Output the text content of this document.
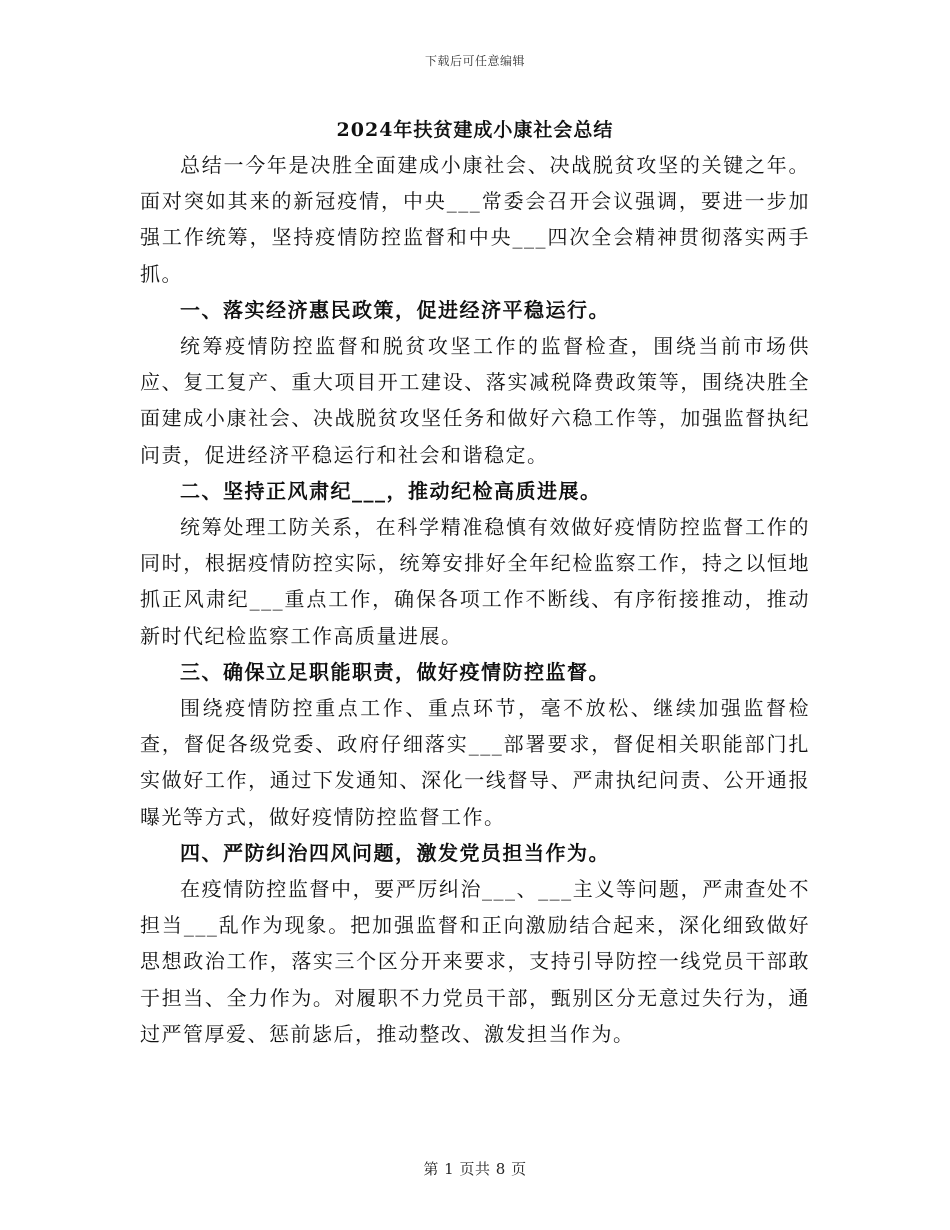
下载后可任意编辑
2024年扶贫建成小康社会总结

总结一今年是决胜全面建成小康社会、决战脱贫攻坚的关键之年。面对突如其来的新冠疫情，中央___常委会召开会议强调，要进一步加强工作统筹，坚持疫情防控监督和中央___四次全会精神贯彻落实两手抓。

一、落实经济惠民政策，促进经济平稳运行。

统筹疫情防控监督和脱贫攻坚工作的监督检查，围绕当前市场供应、复工复产、重大项目开工建设、落实减税降费政策等，围绕决胜全面建成小康社会、决战脱贫攻坚任务和做好六稳工作等，加强监督执纪问责，促进经济平稳运行和社会和谐稳定。

二、坚持正风肃纪___，推动纪检高质进展。

统筹处理工防关系，在科学精准稳慎有效做好疫情防控监督工作的同时，根据疫情防控实际，统筹安排好全年纪检监察工作，持之以恒地抓正风肃纪___重点工作，确保各项工作不断线、有序衔接推动，推动新时代纪检监察工作高质量进展。

三、确保立足职能职责，做好疫情防控监督。

围绕疫情防控重点工作、重点环节，毫不放松、继续加强监督检查，督促各级党委、政府仔细落实___部署要求，督促相关职能部门扎实做好工作，通过下发通知、深化一线督导、严肃执纪问责、公开通报曝光等方式，做好疫情防控监督工作。

四、严防纠治四风问题，激发党员担当作为。

在疫情防控监督中，要严厉纠治___、___主义等问题，严肃查处不担当___乱作为现象。把加强监督和正向激励结合起来，深化细致做好思想政治工作，落实三个区分开来要求，支持引导防控一线党员干部敢于担当、全力作为。对履职不力党员干部，甄别区分无意过失行为，通过严管厚爱、惩前毖后，推动整改、激发担当作为。

第 1 页共 8 页
